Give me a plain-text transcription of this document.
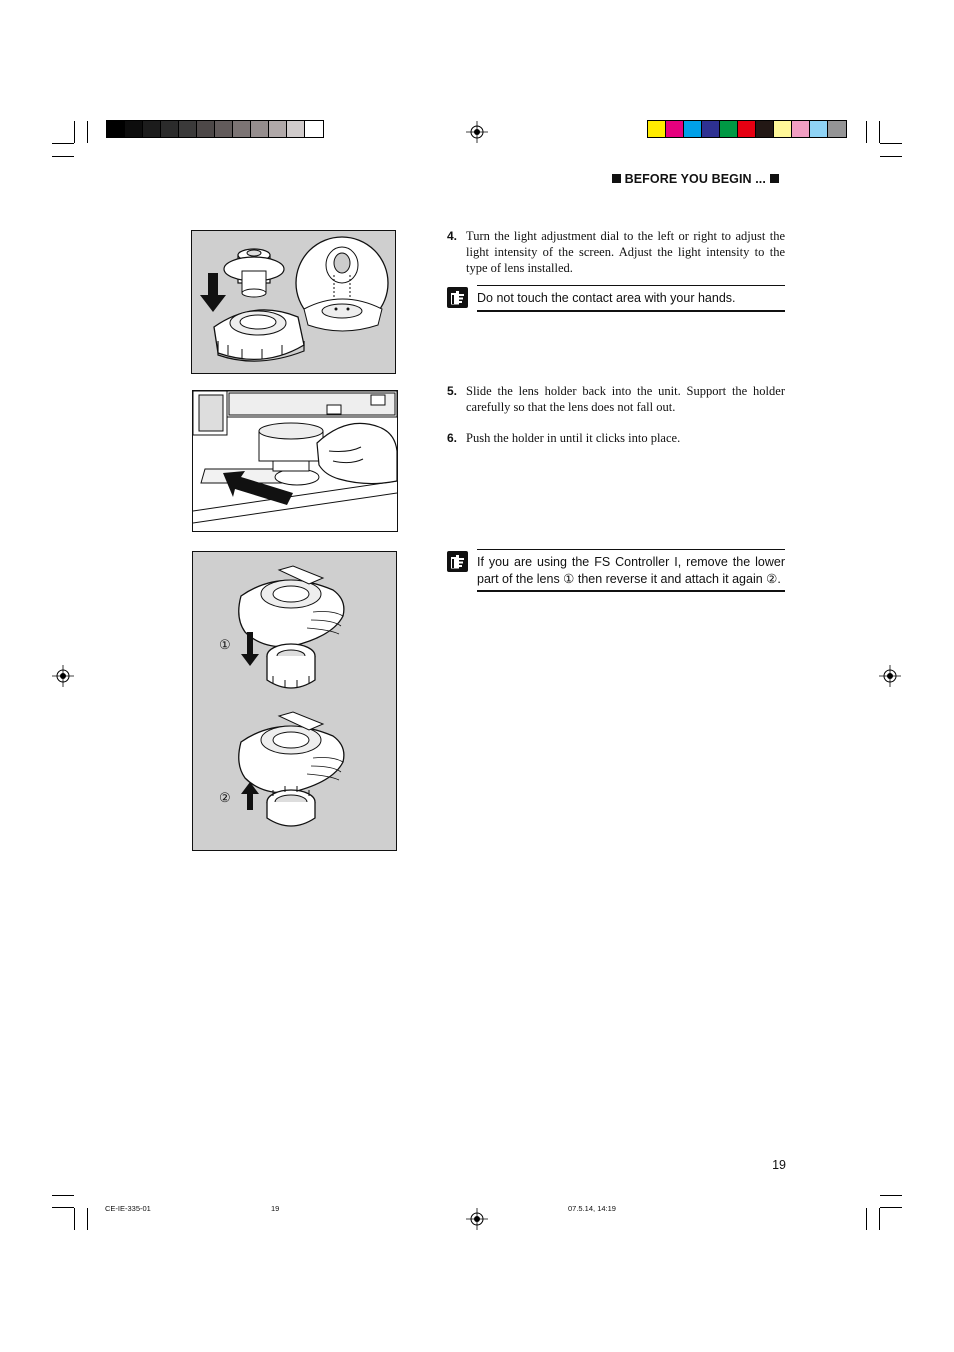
BEFORE YOU BEGIN ...
4. Turn the light adjustment dial to the left or right to adjust the light intensity of the screen. Adjust the light intensity to the type of lens installed.
Do not touch the contact area with your hands.
5. Slide the lens holder back into the unit. Support the holder carefully so that the lens does not fall out.
6. Push the holder in until it clicks into place.
If you are using the FS Controller I, remove the lower part of the lens ① then reverse it and attach it again ②.
①
②
19
CE-IE-335-01	19	07.5.14, 14:19
